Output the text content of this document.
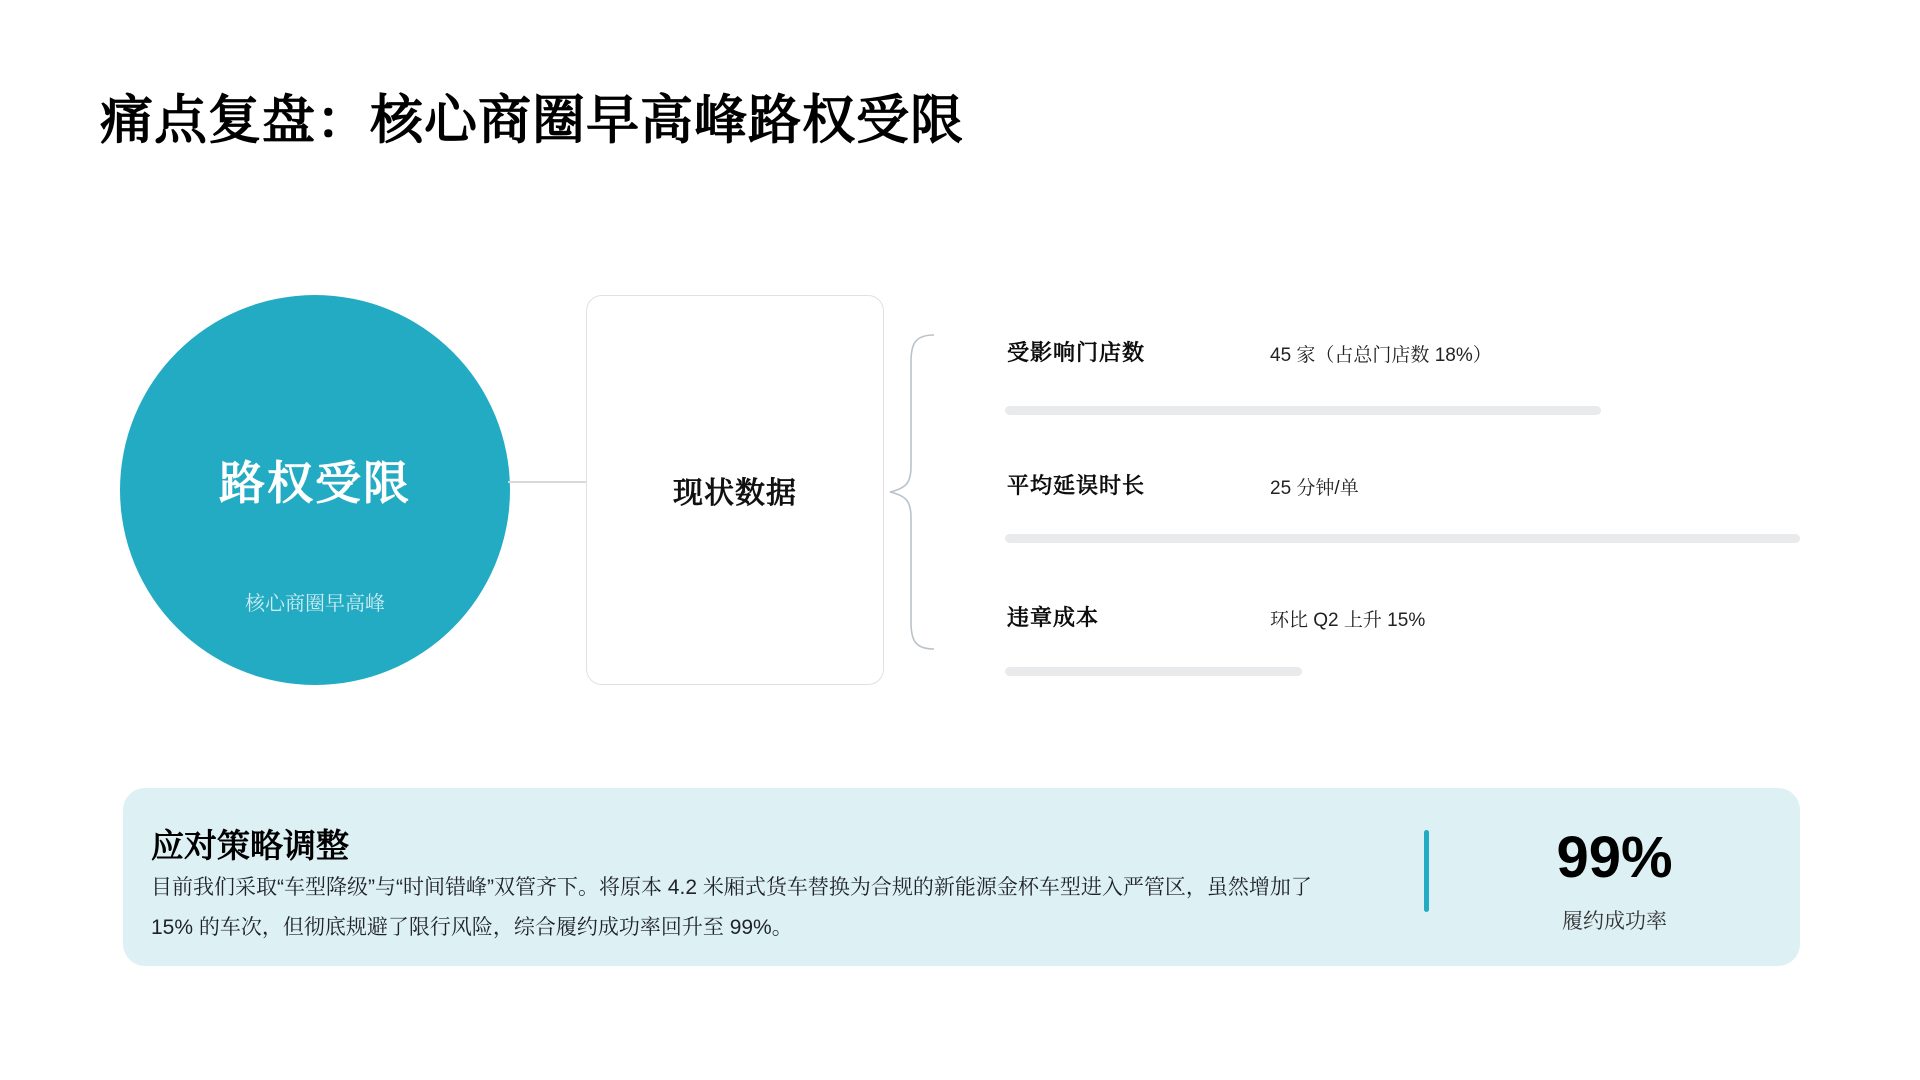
痛点复盘：核心商圈早高峰路权受限
路权受限
核心商圈早高峰
现状数据
受影响门店数	45 家（占总门店数 18%）
平均延误时长	25 分钟/单
违章成本	环比 Q2 上升 15%
应对策略调整
目前我们采取“车型降级”与“时间错峰”双管齐下。将原本 4.2 米厢式货车替换为合规的新能源金杯车型进入严管区，虽然增加了 15% 的车次，但彻底规避了限行风险，综合履约成功率回升至 99%。
99%
履约成功率
